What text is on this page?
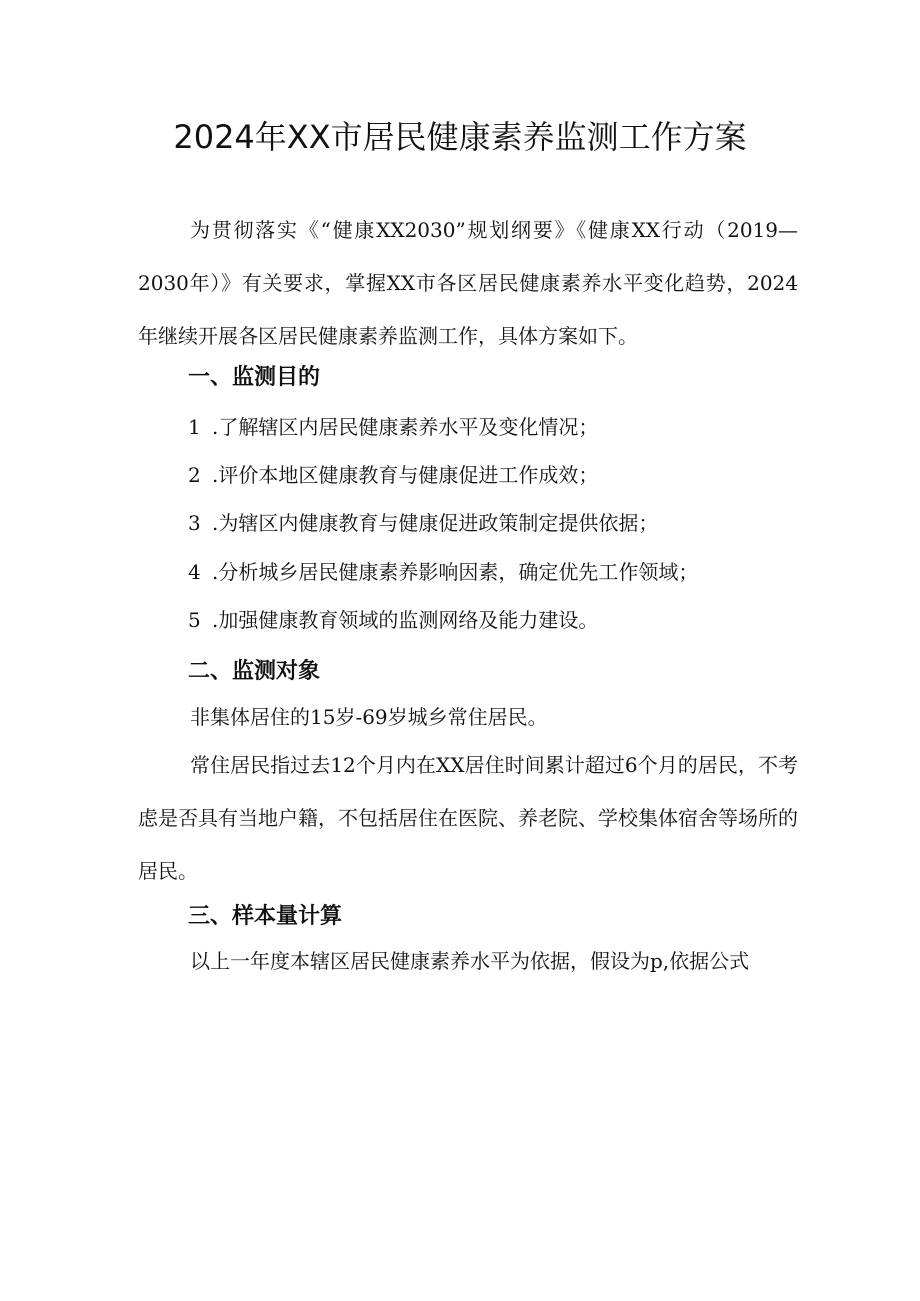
2024年XX市居民健康素养监测工作方案

为贯彻落实《“健康XX2030”规划纲要》《健康XX行动（2019—2030年）》有关要求，掌握XX市各区居民健康素养水平变化趋势，2024年继续开展各区居民健康素养监测工作，具体方案如下。

一、监测目的
1 .了解辖区内居民健康素养水平及变化情况；
2 .评价本地区健康教育与健康促进工作成效；
3 .为辖区内健康教育与健康促进政策制定提供依据；
4 .分析城乡居民健康素养影响因素，确定优先工作领域；
5 .加强健康教育领域的监测网络及能力建设。
二、监测对象

非集体居住的15岁-69岁城乡常住居民。

常住居民指过去12个月内在XX居住时间累计超过6个月的居民，不考虑是否具有当地户籍，不包括居住在医院、养老院、学校集体宿舍等场所的居民。

三、样本量计算

以上一年度本辖区居民健康素养水平为依据，假设为p,依据公式
